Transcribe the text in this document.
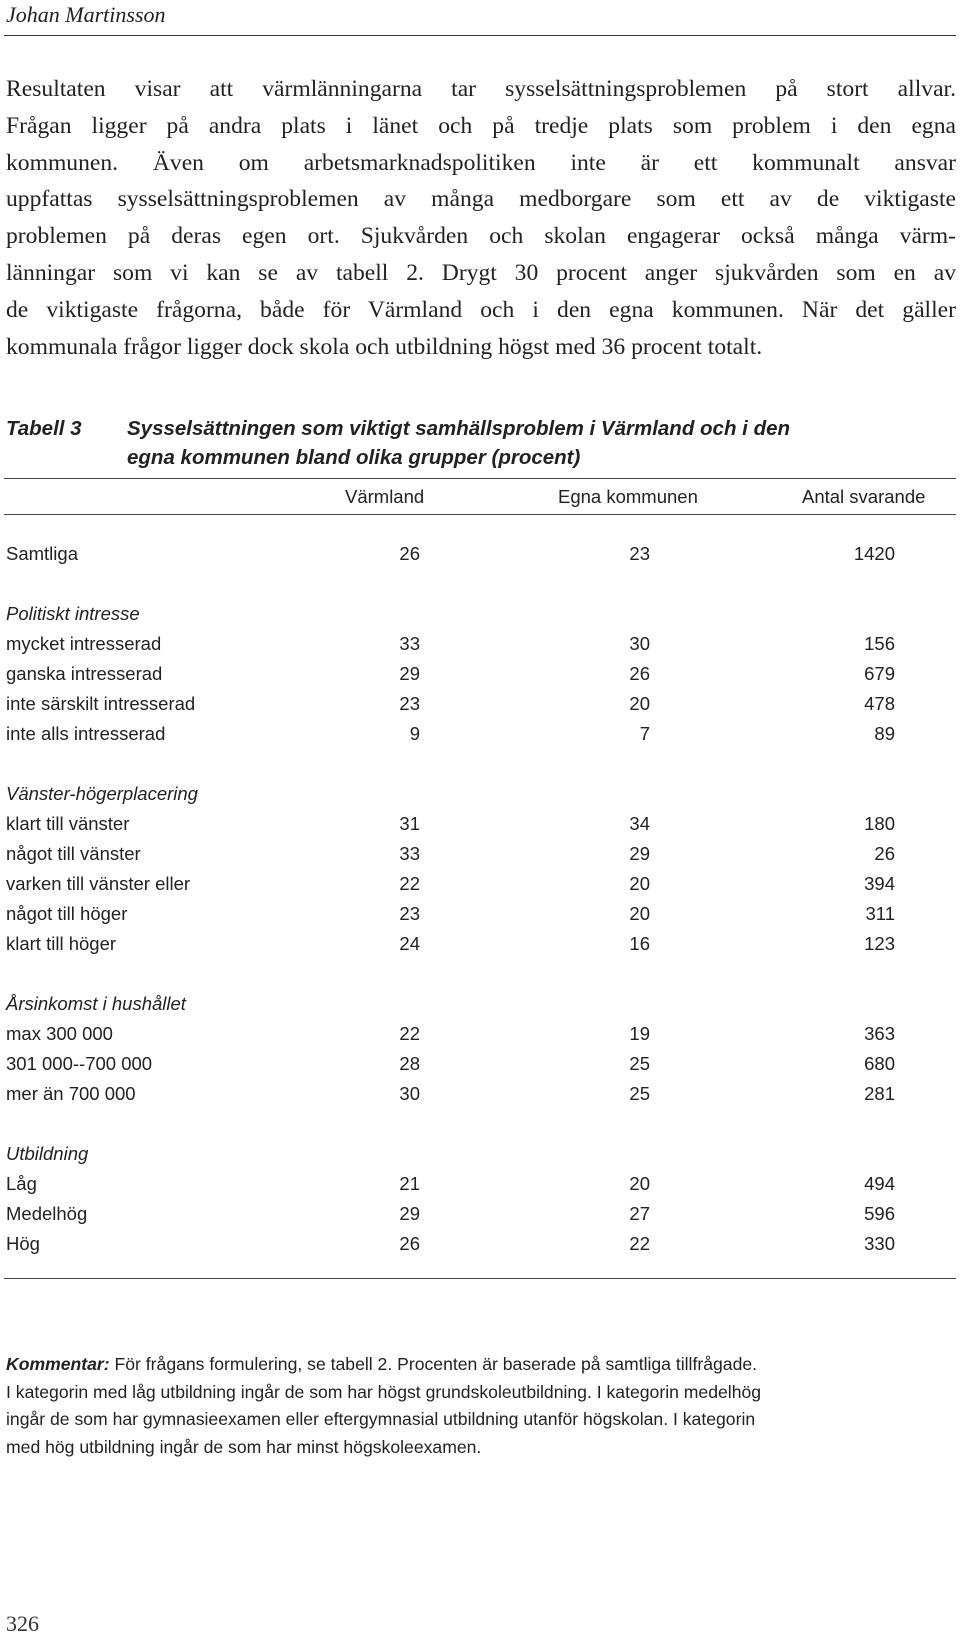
Johan Martinsson
Resultaten visar att värmlänningarna tar sysselsättningsproblemen på stort allvar.
Frågan ligger på andra plats i länet och på tredje plats som problem i den egna
kommunen. Även om arbetsmarknadspolitiken inte är ett kommunalt ansvar
uppfattas sysselsättningsproblemen av många medborgare som ett av de viktigaste
problemen på deras egen ort. Sjukvården och skolan engagerar också många värm-
länningar som vi kan se av tabell 2. Drygt 30 procent anger sjukvården som en av
de viktigaste frågorna, både för Värmland och i den egna kommunen. När det gäller
kommunala frågor ligger dock skola och utbildning högst med 36 procent totalt.
Tabell 3 Sysselsättningen som viktigt samhällsproblem i Värmland och i den
egna kommunen bland olika grupper (procent)
Värmland	Egna kommunen	Antal svarande
Samtliga	26	23	1420
Politiskt intresse
mycket intresserad	33	30	156
ganska intresserad	29	26	679
inte särskilt intresserad	23	20	478
inte alls intresserad	9	7	89
Vänster-högerplacering
klart till vänster	31	34	180
något till vänster	33	29	26
varken till vänster eller	22	20	394
något till höger	23	20	311
klart till höger	24	16	123
Årsinkomst i hushållet
max 300 000	22	19	363
301 000--700 000	28	25	680
mer än 700 000	30	25	281
Utbildning
Låg	21	20	494
Medelhög	29	27	596
Hög	26	22	330
Kommentar: För frågans formulering, se tabell 2. Procenten är baserade på samtliga tillfrågade.
I kategorin med låg utbildning ingår de som har högst grundskoleutbildning. I kategorin medelhög
ingår de som har gymnasieexamen eller eftergymnasial utbildning utanför högskolan. I kategorin
med hög utbildning ingår de som har minst högskoleexamen.
326
